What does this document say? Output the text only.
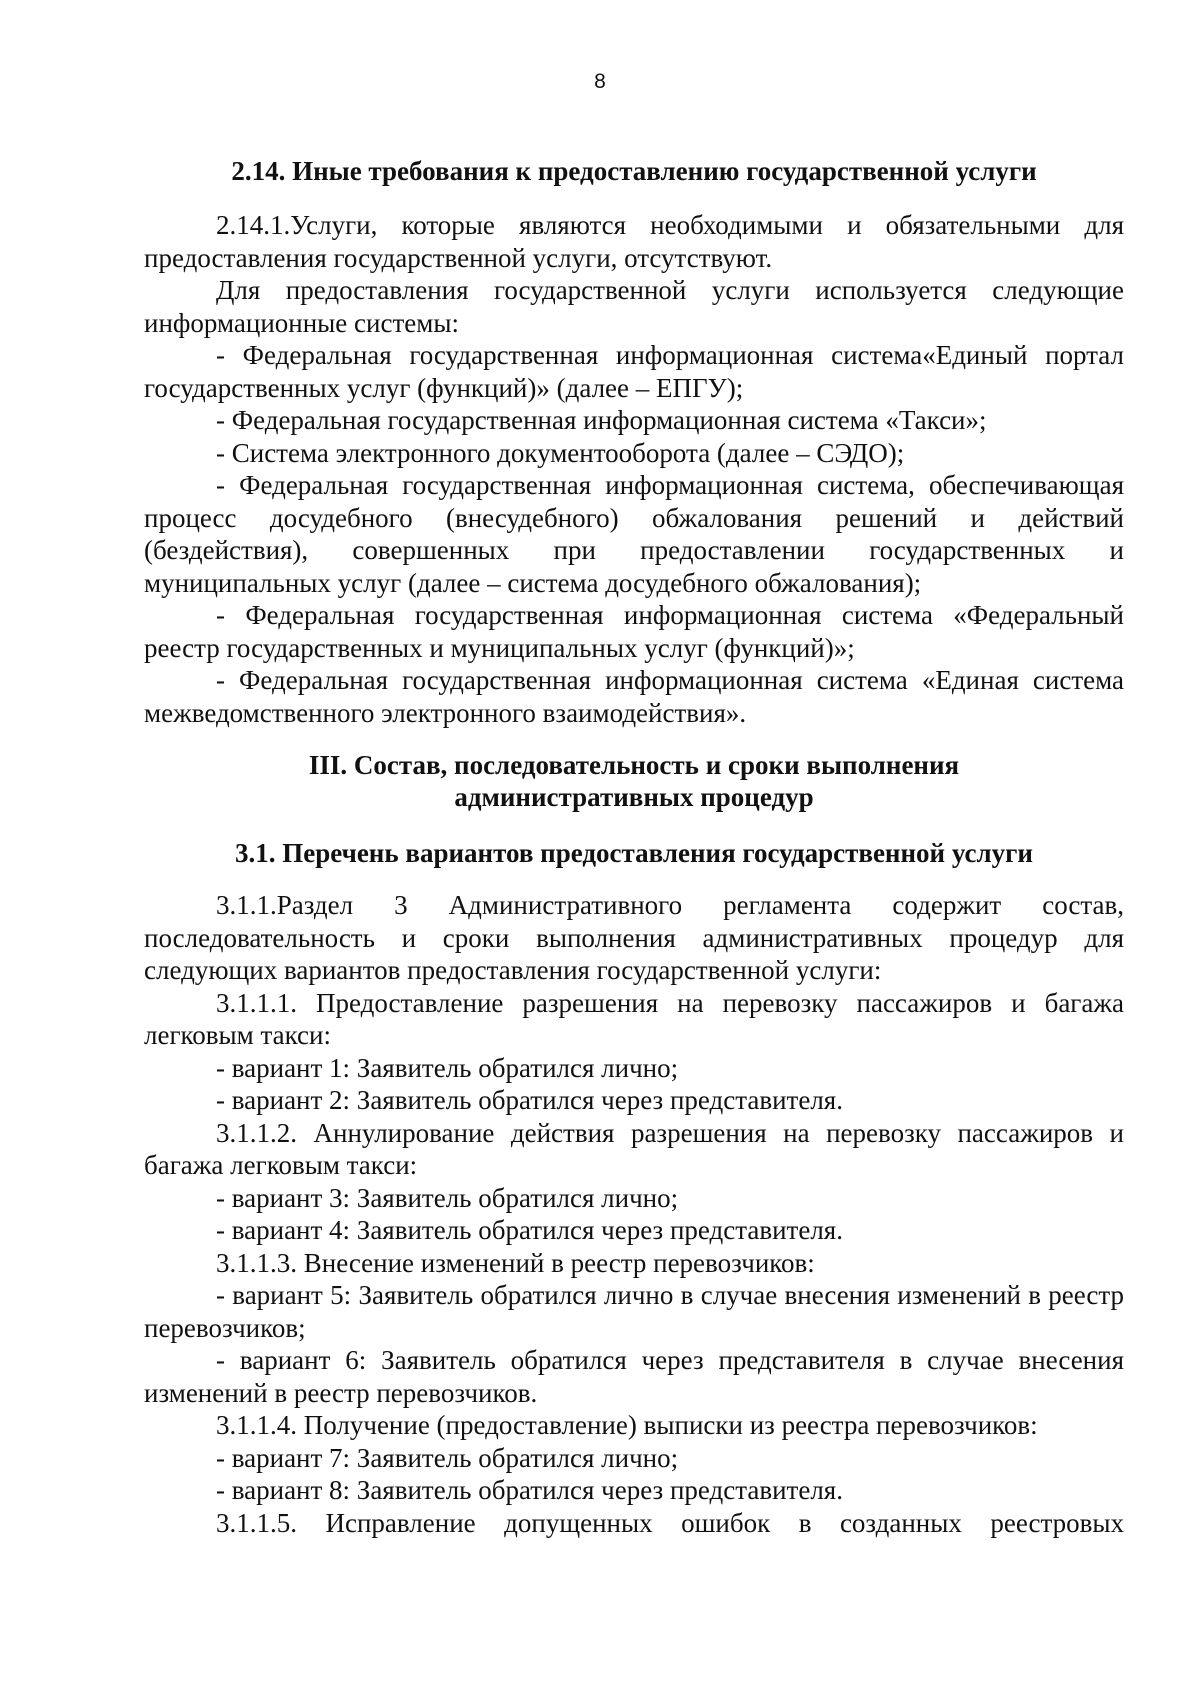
8
2.14. Иные требования к предоставлению государственной услуги

2.14.1.Услуги, которые являются необходимыми и обязательными для предоставления государственной услуги, отсутствуют.

Для предоставления государственной услуги используется следующие информационные системы:

- Федеральная государственная информационная система«Единый портал государственных услуг (функций)» (далее – ЕПГУ);

- Федеральная государственная информационная система «Такси»;

- Система электронного документооборота (далее – СЭДО);

- Федеральная государственная информационная система, обеспечивающая процесс досудебного (внесудебного) обжалования решений и действий (бездействия), совершенных при предоставлении государственных и муниципальных услуг (далее – система досудебного обжалования);

- Федеральная государственная информационная система «Федеральный реестр государственных и муниципальных услуг (функций)»;

- Федеральная государственная информационная система «Единая система межведомственного электронного взаимодействия».

III. Состав, последовательность и сроки выполнения
административных процедур
3.1. Перечень вариантов предоставления государственной услуги

3.1.1.Раздел 3 Административного регламента содержит состав, последовательность и сроки выполнения административных процедур для следующих вариантов предоставления государственной услуги:

3.1.1.1. Предоставление разрешения на перевозку пассажиров и багажа легковым такси:

- вариант 1: Заявитель обратился лично;

- вариант 2: Заявитель обратился через представителя.

3.1.1.2. Аннулирование действия разрешения на перевозку пассажиров и багажа легковым такси:

- вариант 3: Заявитель обратился лично;

- вариант 4: Заявитель обратился через представителя.

3.1.1.3. Внесение изменений в реестр перевозчиков:

- вариант 5: Заявитель обратился лично в случае внесения изменений в реестр перевозчиков;

- вариант 6: Заявитель обратился через представителя в случае внесения изменений в реестр перевозчиков.

3.1.1.4. Получение (предоставление) выписки из реестра перевозчиков:

- вариант 7: Заявитель обратился лично;

- вариант 8: Заявитель обратился через представителя.

3.1.1.5. Исправление допущенных ошибок в созданных реестровых
